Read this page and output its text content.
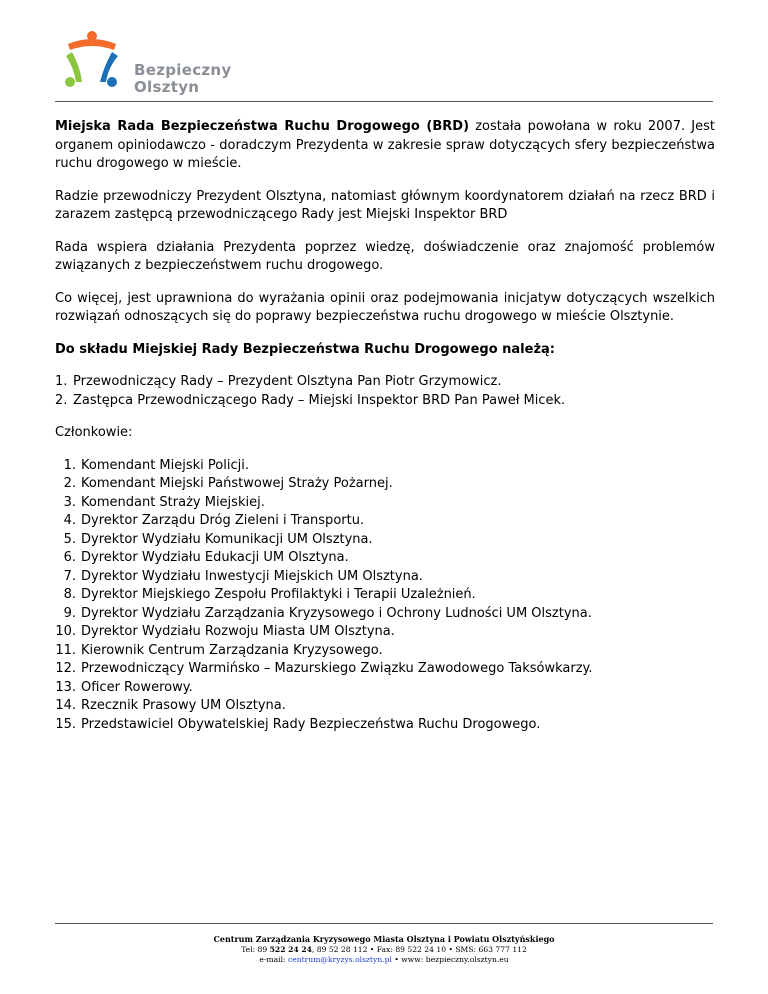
Bezpieczny
Olsztyn

Miejska Rada Bezpieczeństwa Ruchu Drogowego (BRD) została powołana w roku 2007. Jest organem opiniodawczo - doradczym Prezydenta w zakresie spraw dotyczących sfery bezpieczeństwa ruchu drogowego w mieście.

Radzie przewodniczy Prezydent Olsztyna, natomiast głównym koordynatorem działań na rzecz BRD i zarazem zastępcą przewodniczącego Rady jest Miejski Inspektor BRD

Rada wspiera działania Prezydenta poprzez wiedzę, doświadczenie oraz znajomość problemów związanych z bezpieczeństwem ruchu drogowego.

Co więcej, jest uprawniona do wyrażania opinii oraz podejmowania inicjatyw dotyczących wszelkich rozwiązań odnoszących się do poprawy bezpieczeństwa ruchu drogowego w mieście Olsztynie.

Do składu Miejskiej Rady Bezpieczeństwa Ruchu Drogowego należą:

1. Przewodniczący Rady – Prezydent Olsztyna Pan Piotr Grzymowicz.
2. Zastępca Przewodniczącego Rady – Miejski Inspektor BRD Pan Paweł Micek.

Członkowie:

1. Komendant Miejski Policji.
2. Komendant Miejski Państwowej Straży Pożarnej.
3. Komendant Straży Miejskiej.
4. Dyrektor Zarządu Dróg Zieleni i Transportu.
5. Dyrektor Wydziału Komunikacji UM Olsztyna.
6. Dyrektor Wydziału Edukacji UM Olsztyna.
7. Dyrektor Wydziału Inwestycji Miejskich UM Olsztyna.
8. Dyrektor Miejskiego Zespołu Profilaktyki i Terapii Uzależnień.
9. Dyrektor Wydziału Zarządzania Kryzysowego i Ochrony Ludności UM Olsztyna.
10. Dyrektor Wydziału Rozwoju Miasta UM Olsztyna.
11. Kierownik Centrum Zarządzania Kryzysowego.
12. Przewodniczący Warmińsko – Mazurskiego Związku Zawodowego Taksówkarzy.
13. Oficer Rowerowy.
14. Rzecznik Prasowy UM Olsztyna.
15. Przedstawiciel Obywatelskiej Rady Bezpieczeństwa Ruchu Drogowego.
Centrum Zarządzania Kryzysowego Miasta Olsztyna i Powiatu Olsztyńskiego
Tel: 89 522 24 24, 89 52 28 112 • Fax: 89 522 24 10 • SMS: 663 777 112
e-mail: centrum@kryzys.olsztyn.pl • www: bezpieczny.olsztyn.eu
